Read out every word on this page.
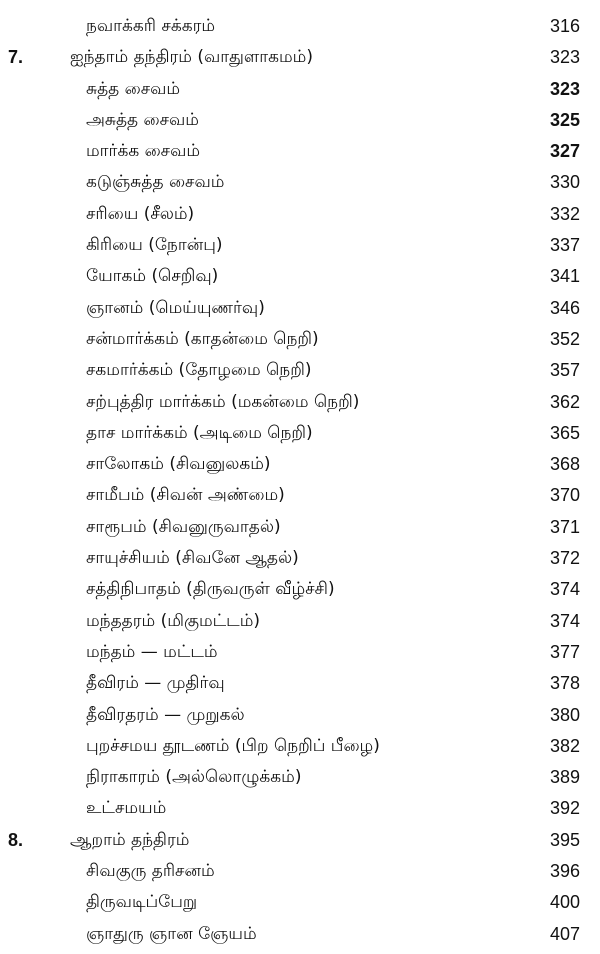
நவாக்கரி சக்கரம்	316
7.	ஐந்தாம் தந்திரம் (வாதுளாகமம்)	323
சுத்த சைவம்	323
அசுத்த சைவம்	325
மார்க்க சைவம்	327
கடுஞ்சுத்த சைவம்	330
சரியை (சீலம்)	332
கிரியை (நோன்பு)	337
யோகம் (செறிவு)	341
ஞானம் (மெய்யுணர்வு)	346
சன்மார்க்கம் (காதன்மை நெறி)	352
சகமார்க்கம் (தோழமை நெறி)	357
சற்புத்திர மார்க்கம் (மகன்மை நெறி)	362
தாச மார்க்கம் (அடிமை நெறி)	365
சாலோகம் (சிவனுலகம்)	368
சாமீபம் (சிவன் அண்மை)	370
சாரூபம் (சிவனுருவாதல்)	371
சாயுச்சியம் (சிவனே ஆதல்)	372
சத்திநிபாதம் (திருவருள் வீழ்ச்சி)	374
மந்ததரம் (மிகுமட்டம்)	374
மந்தம் — மட்டம்	377
தீவிரம் — முதிர்வு	378
தீவிரதரம் — முறுகல்	380
புறச்சமய தூடணம் (பிற நெறிப் பீழை)	382
நிராகாரம் (அல்லொழுக்கம்)	389
உட்சமயம்	392
8.	ஆறாம் தந்திரம்	395
சிவகுரு தரிசனம்	396
திருவடிப்பேறு	400
ஞாதுரு ஞான ஞேயம்	407
